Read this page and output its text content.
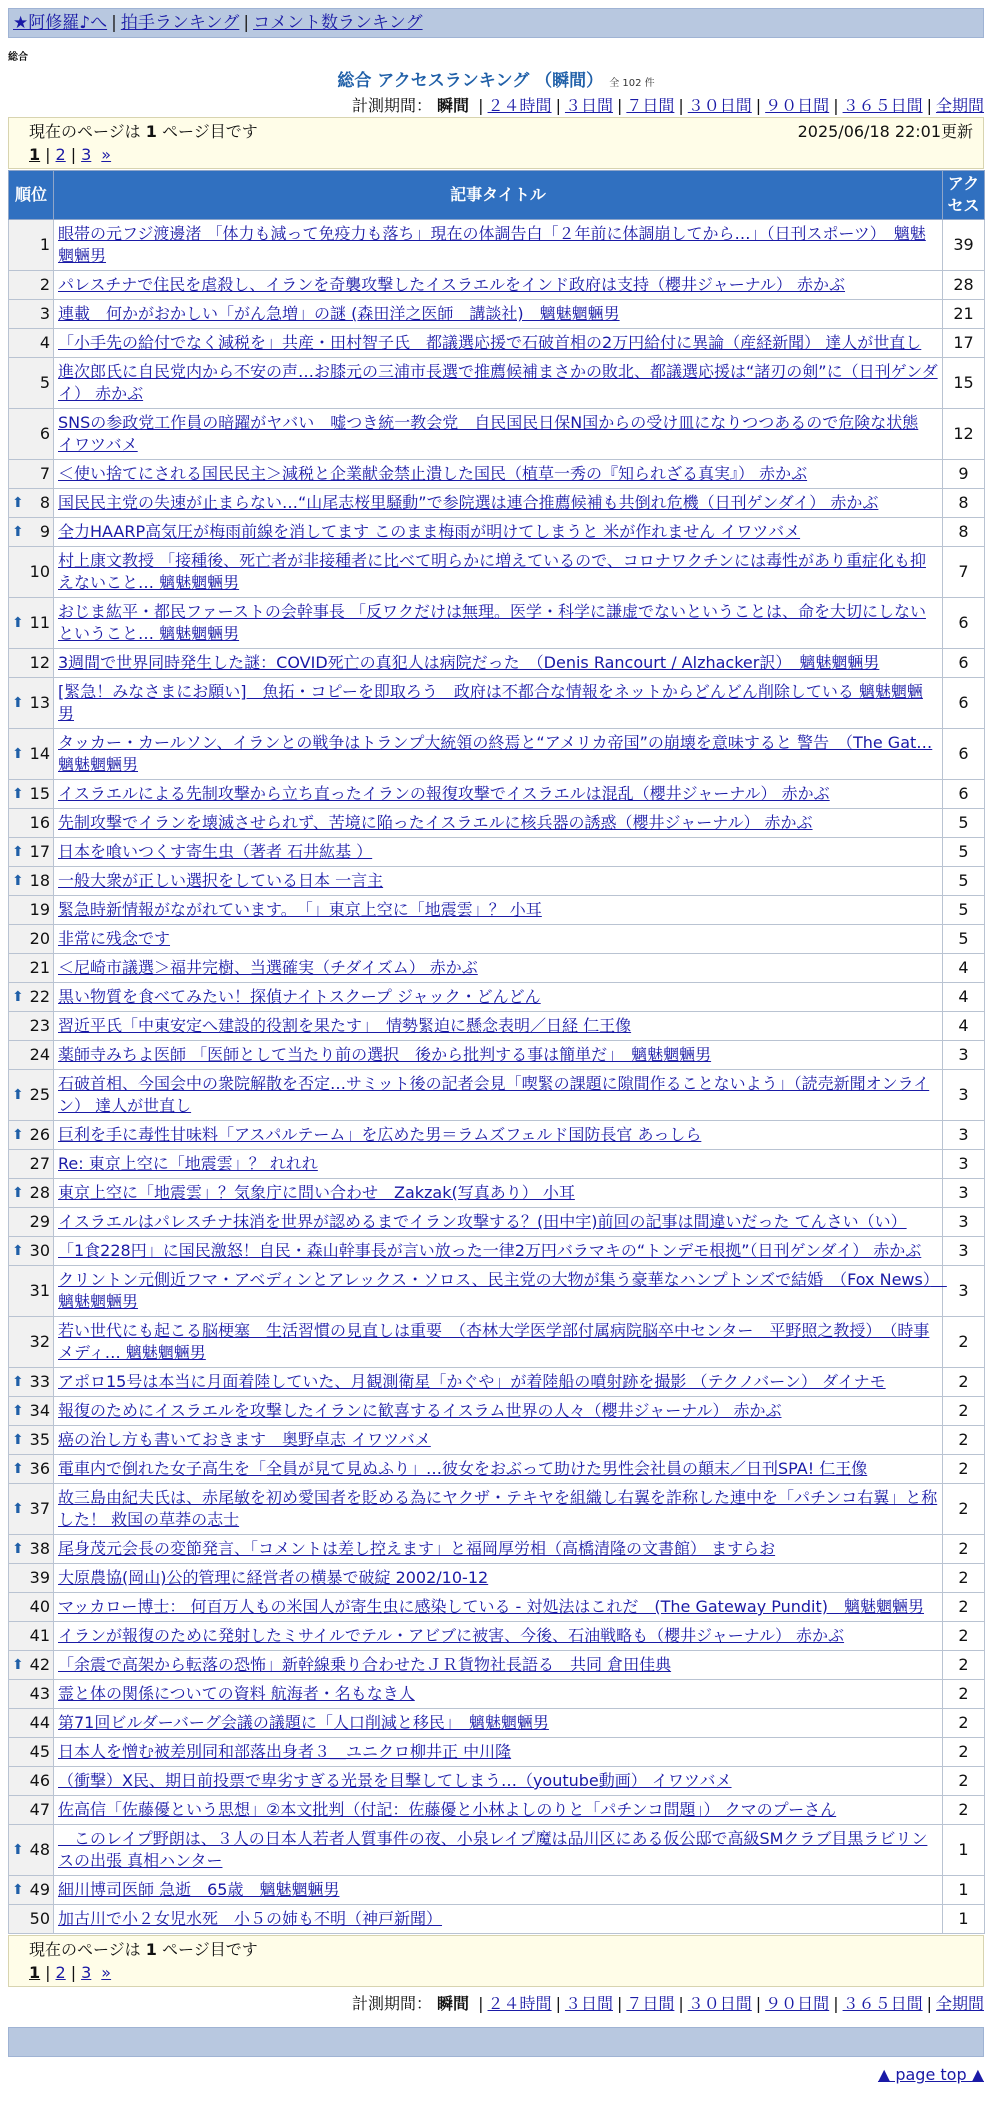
★阿修羅♪へ | 拍手ランキング | コメント数ランキング
総合
総合 アクセスランキング （瞬間） 全 102 件
計測期間： 瞬間 | ２４時間 | ３日間 | ７日間 | ３０日間 | ９０日間 | ３６５日間 | 全期間
現在のページは 1 ページ目です	2025/06/18 22:01更新
1 | 2 | 3 »
順位	記事タイトル	アクセス
1	眼帯の元フジ渡邊渚 「体力も減って免疫力も落ち」現在の体調告白「２年前に体調崩してから…」（日刊スポーツ）　魑魅魍魎男	39
2	パレスチナで住民を虐殺し、イランを奇襲攻撃したイスラエルをインド政府は支持（櫻井ジャーナル） 赤かぶ	28
3	連載　何かがおかしい「がん急増」の謎 (森田洋之医師　講談社)　魑魅魍魎男	21
4	「小手先の給付でなく減税を」共産・田村智子氏　都議選応援で石破首相の2万円給付に異論（産経新聞） 達人が世直し	17
5	進次郎氏に自民党内から不安の声…お膝元の三浦市長選で推薦候補まさかの敗北、都議選応援は“諸刃の剣”に（日刊ゲンダイ） 赤かぶ	15
6	SNSの参政党工作員の暗躍がヤバい　嘘つき統一教会党　自民国民日保N国からの受け皿になりつつあるので危険な状態 イワツバメ	12
7	＜使い捨てにされる国民民主＞減税と企業献金禁止潰した国民（植草一秀の『知られざる真実』） 赤かぶ	9

⬆ 8	国民民主党の失速が止まらない…“山尾志桜里騒動”で参院選は連合推薦候補も共倒れ危機（日刊ゲンダイ） 赤かぶ	8

⬆ 9	全力HAARP高気圧が梅雨前線を消してます このまま梅雨が明けてしまうと 米が作れません イワツバメ	8
10	村上康文教授 「接種後、死亡者が非接種者に比べて明らかに増えているので、コロナワクチンには毒性があり重症化も抑えないこと… 魑魅魍魎男	7

⬆ 11	おじま紘平・都民ファーストの会幹事長 「反ワクだけは無理。医学・科学に謙虚でないということは、命を大切にしないということ… 魑魅魍魎男	6
12	3週間で世界同時発生した謎：COVID死亡の真犯人は病院だった　（Denis Rancourt / Alzhacker訳）　魑魅魍魎男	6

⬆ 13	[緊急！みなさまにお願い]　魚拓・コピーを即取ろう　政府は不都合な情報をネットからどんどん削除している 魑魅魍魎男	6

⬆ 14	タッカー・カールソン、イランとの戦争はトランプ大統領の終焉と“アメリカ帝国”の崩壊を意味すると 警告　（The Gat… 魑魅魍魎男	6

⬆ 15	イスラエルによる先制攻撃から立ち直ったイランの報復攻撃でイスラエルは混乱（櫻井ジャーナル） 赤かぶ	6
16	先制攻撃でイランを壊滅させられず、苦境に陥ったイスラエルに核兵器の誘惑（櫻井ジャーナル） 赤かぶ	5

⬆ 17	日本を喰いつくす寄生虫（著者 石井紘基 ）	5

⬆ 18	一般大衆が正しい選択をしている日本 一言主	5
19	緊急時新情報がながれています。　「」東京上空に「地震雲」？ 小耳	5
20	非常に残念です	5
21	＜尼崎市議選＞福井完樹、当選確実（チダイズム） 赤かぶ	4

⬆ 22	黒い物質を食べてみたい！探偵ナイトスクープ ジャック・どんどん	4
23	習近平氏「中東安定へ建設的役割を果たす」　情勢緊迫に懸念表明／日経 仁王像	4
24	薬師寺みちよ医師 「医師として当たり前の選択　後から批判する事は簡単だ」　魑魅魍魎男	3

⬆ 25	石破首相、今国会中の衆院解散を否定…サミット後の記者会見「喫緊の課題に隙間作ることないよう」（読売新聞オンライン） 達人が世直し	3

⬆ 26	巨利を手に毒性甘味料「アスパルテーム」を広めた男＝ラムズフェルド国防長官 あっしら	3
27	Re: 東京上空に「地震雲」？ れれれ	3

⬆ 28	東京上空に「地震雲」？気象庁に問い合わせ　Zakzak(写真あり） 小耳	3
29	イスラエルはパレスチナ抹消を世界が認めるまでイラン攻撃する？(田中宇)前回の記事は間違いだった てんさい（い）	3

⬆ 30	「1食228円」に国民激怒！自民・森山幹事長が言い放った一律2万円バラマキの“トンデモ根拠”（日刊ゲンダイ） 赤かぶ	3
31	クリントン元側近フマ・アベディンとアレックス・ソロス、民主党の大物が集う豪華なハンプトンズで結婚　（Fox News）　魑魅魍魎男	3
32	若い世代にも起こる脳梗塞　生活習慣の見直しは重要　（杏林大学医学部付属病院脳卒中センター　平野照之教授）　（時事メディ… 魑魅魍魎男	2

⬆ 33	アポロ15号は本当に月面着陸していた、月観測衛星「かぐや」が着陸船の噴射跡を撮影 （テクノバーン） ダイナモ	2

⬆ 34	報復のためにイスラエルを攻撃したイランに歓喜するイスラム世界の人々（櫻井ジャーナル） 赤かぶ	2

⬆ 35	癌の治し方も書いておきます　奥野卓志 イワツバメ	2

⬆ 36	電車内で倒れた女子高生を「全員が見て見ぬふり」…彼女をおぶって助けた男性会社員の顛末／日刊SPA! 仁王像	2

⬆ 37	故三島由紀夫氏は、赤尾敏を初め愛国者を貶める為にヤクザ・テキヤを組織し右翼を詐称した連中を「パチンコ右翼」と称した！ 救国の草莽の志士	2

⬆ 38	尾身茂元会長の変節発言、「コメントは差し控えます」と福岡厚労相（高橋清隆の文書館） ますらお	2
39	大原農協(岡山)公的管理に経営者の横暴で破綻 2002/10-12	2
40	マッカロー博士： 何百万人もの米国人が寄生虫に感染している - 対処法はこれだ　(The Gateway Pundit)　魑魅魍魎男	2
41	イランが報復のために発射したミサイルでテル・アビブに被害、今後、石油戦略も（櫻井ジャーナル） 赤かぶ	2

⬆ 42	「余震で高架から転落の恐怖」新幹線乗り合わせたＪＲ貨物社長語る　共同 倉田佳典	2
43	霊と体の関係についての資料 航海者・名もなき人	2
44	第71回ビルダーバーグ会議の議題に「人口削減と移民」　魑魅魍魎男	2
45	日本人を憎む被差別同和部落出身者３＿ユニクロ柳井正 中川隆	2
46	（衝撃）X民、期日前投票で卑劣すぎる光景を目撃してしまう…（youtube動画） イワツバメ	2
47	佐高信「佐藤優という思想」②本文批判（付記：佐藤優と小林よしのりと「パチンコ問題」） クマのプーさん	2

⬆ 48	　このレイプ野朗は、３人の日本人若者人質事件の夜、小泉レイプ魔は品川区にある仮公邸で高級SMクラブ目黒ラビリンスの出張 真相ハンター	1

⬆ 49	細川博司医師 急逝　65歳　魑魅魍魎男	1
50	加古川で小２女児水死　小５の姉も不明（神戸新聞）	1
現在のページは 1 ページ目です
1 | 2 | 3 »
計測期間： 瞬間 | ２４時間 | ３日間 | ７日間 | ３０日間 | ９０日間 | ３６５日間 | 全期間
▲ page top ▲
